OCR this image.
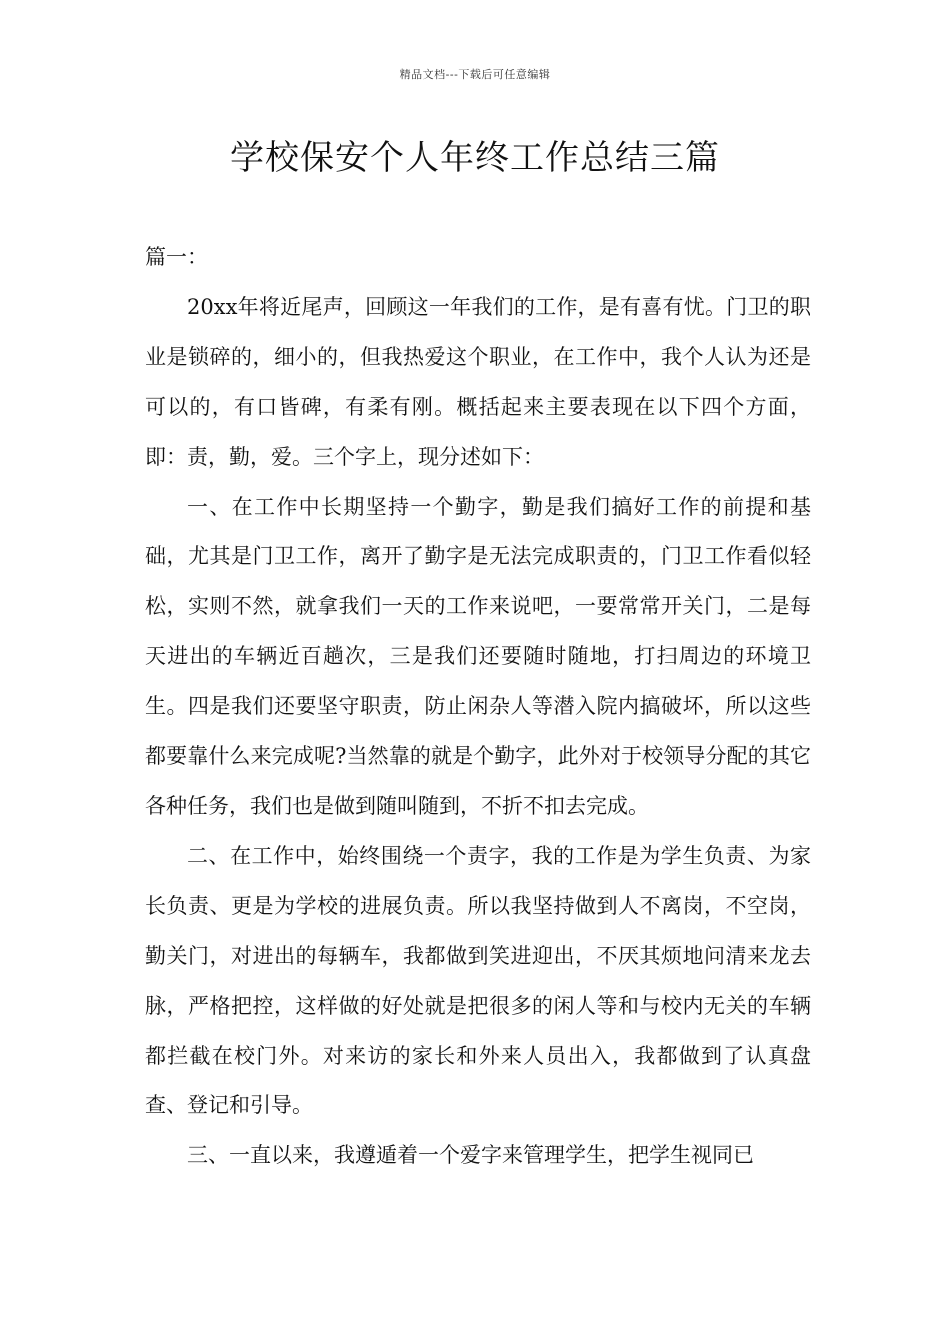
精品文档---下载后可任意编辑
学校保安个人年终工作总结三篇

篇一：

20xx年将近尾声，回顾这一年我们的工作，是有喜有忧。门卫的职业是锁碎的，细小的，但我热爱这个职业，在工作中，我个人认为还是可以的，有口皆碑，有柔有刚。概括起来主要表现在以下四个方面，即：责，勤，爱。三个字上，现分述如下：

一、在工作中长期坚持一个勤字，勤是我们搞好工作的前提和基础，尤其是门卫工作，离开了勤字是无法完成职责的，门卫工作看似轻松，实则不然，就拿我们一天的工作来说吧，一要常常开关门，二是每天进出的车辆近百趟次，三是我们还要随时随地，打扫周边的环境卫生。四是我们还要坚守职责，防止闲杂人等潜入院内搞破坏，所以这些都要靠什么来完成呢?当然靠的就是个勤字，此外对于校领导分配的其它各种任务，我们也是做到随叫随到，不折不扣去完成。

二、在工作中，始终围绕一个责字，我的工作是为学生负责、为家长负责、更是为学校的进展负责。所以我坚持做到人不离岗，不空岗，勤关门，对进出的每辆车，我都做到笑进迎出，不厌其烦地问清来龙去脉，严格把控，这样做的好处就是把很多的闲人等和与校内无关的车辆都拦截在校门外。对来访的家长和外来人员出入，我都做到了认真盘查、登记和引导。

三、一直以来，我遵遁着一个爱字来管理学生，把学生视同已
